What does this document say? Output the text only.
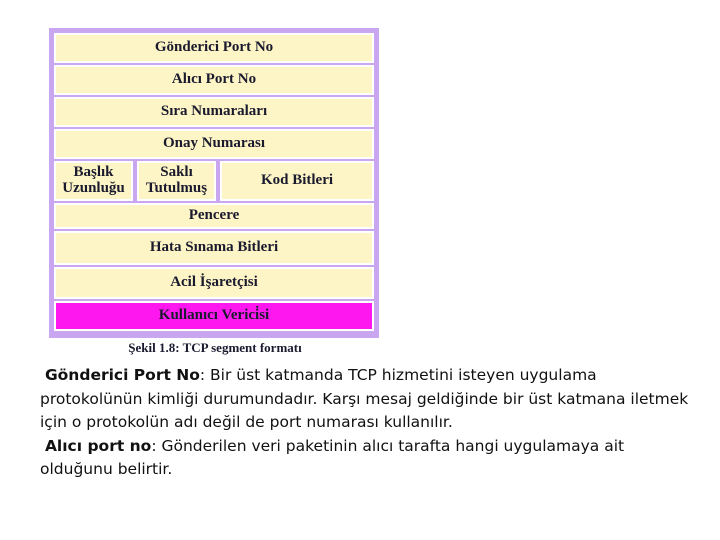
Gönderici Port No
Alıcı Port No
Sıra Numaraları
Onay Numarası
Başlık
Uzunluğu
Saklı
Tutulmuş	Kod Bitleri
Pencere
Hata Sınama Bitleri
Acil İşaretçisi
Kullanıcı Verici̇si
Şekil 1.8: TCP segment formatı

Gönderici Port No: Bir üst katmanda TCP hizmetini isteyen uygulama protokolünün kimliği durumundadır. Karşı mesaj geldiğinde bir üst katmana iletmek için o protokolün adı değil de port numarası kullanılır.

Alıcı port no: Gönderilen veri paketinin alıcı tarafta hangi uygulamaya ait olduğunu belirtir.
